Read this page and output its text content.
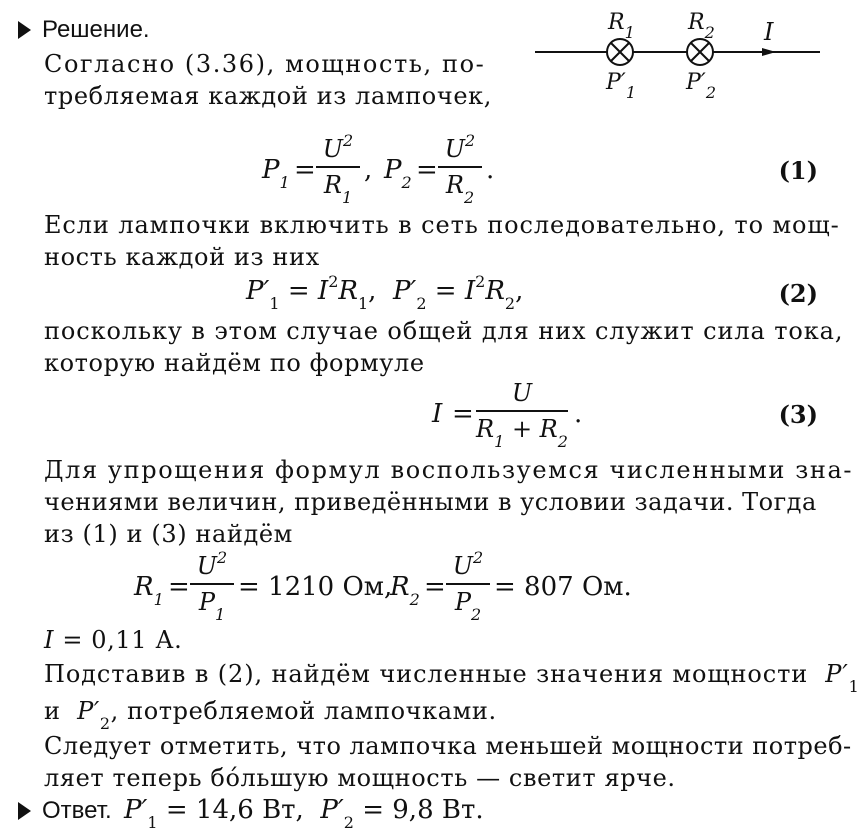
Решение.
Согласно (3.36), мощность, по-
требляемая каждой из лампочек,
$R_1$ $R_2$
$P'_1$ $P'_2$
I
$P_1$ =
$U^2$
$R_1$
, $P_2$ =
$U^2$
$R_2$
.	(1)
Если лампочки включить в сеть последовательно, то мощ-
ность каждой из них
$P'_1 = I^2R_1$,  $P'_2 = I^2R_2$,	(2)
поскольку в этом случае общей для них служит сила тока,
которую найдём по формуле
I =
U
$R_1 + R_2$
.	(3)
Для упрощения формул воспользуемся численными зна-
чениями величин, приведёнными в условии задачи. Тогда
из (1) и (3) найдём
$R_1$ =
$U^2$
$P_1$
= 1210 Ом,
$R_2$ =
$U^2$
$P_2$
= 807 Ом.
I = 0,11 А.
Подставив в (2), найдём численные значения мощности $P'_1$
и $P'_2$, потребляемой лампочками.
Следует отметить, что лампочка меньшей мощности потреб-
ляет теперь бо́льшую мощность — светит ярче.
Ответ. $P'_1 = 14,6$ Вт, $P'_2 = 9,8$ Вт.
